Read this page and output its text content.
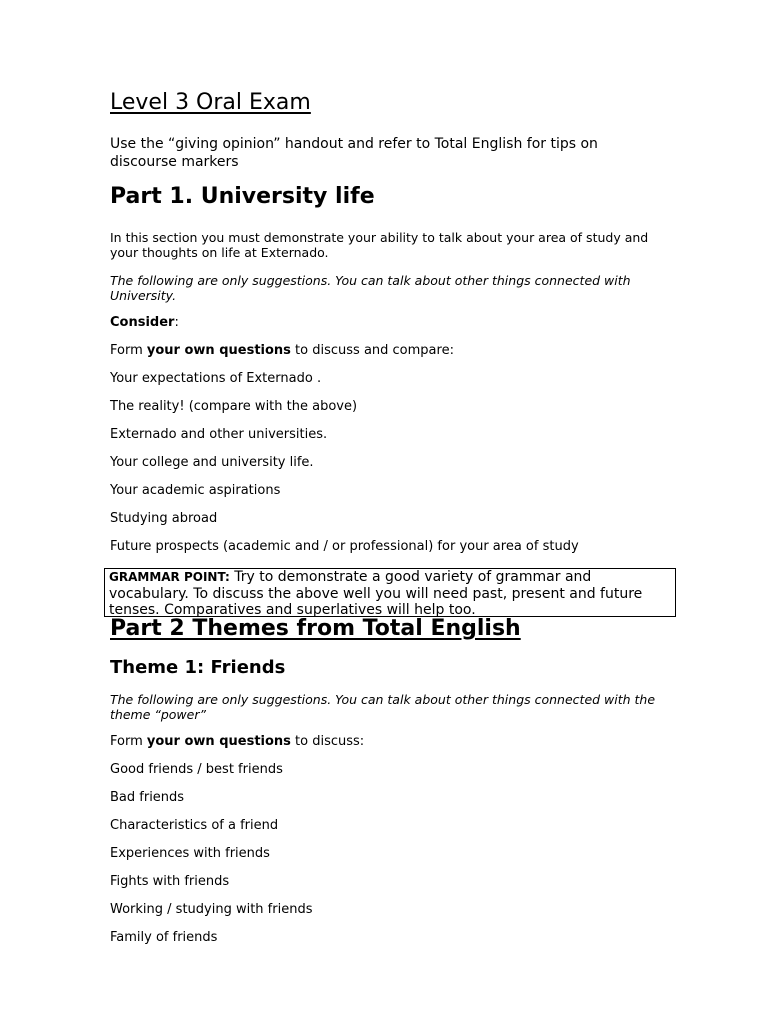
Level 3 Oral Exam
Use the “giving opinion” handout and refer to Total English for tips on discourse markers
Part 1. University life
In this section you must demonstrate your ability to talk about your area of study and your thoughts on life at Externado.
The following are only suggestions. You can talk about other things connected with University.
Consider:
Form your own questions to discuss and compare:
Your expectations of Externado .
The reality! (compare with the above)
Externado and other universities.
Your college and university life.
Your academic aspirations
Studying abroad
Future prospects (academic and / or professional) for your area of study
GRAMMAR POINT: Try to demonstrate a good variety of grammar and vocabulary. To discuss the above well you will need past, present and future tenses. Comparatives and superlatives will help too.
Part 2 Themes from Total English
Theme 1: Friends
The following are only suggestions. You can talk about other things connected with the theme “power”
Form your own questions to discuss:
Good friends / best friends
Bad friends
Characteristics of a friend
Experiences with friends
Fights with friends
Working / studying with friends
Family of friends
